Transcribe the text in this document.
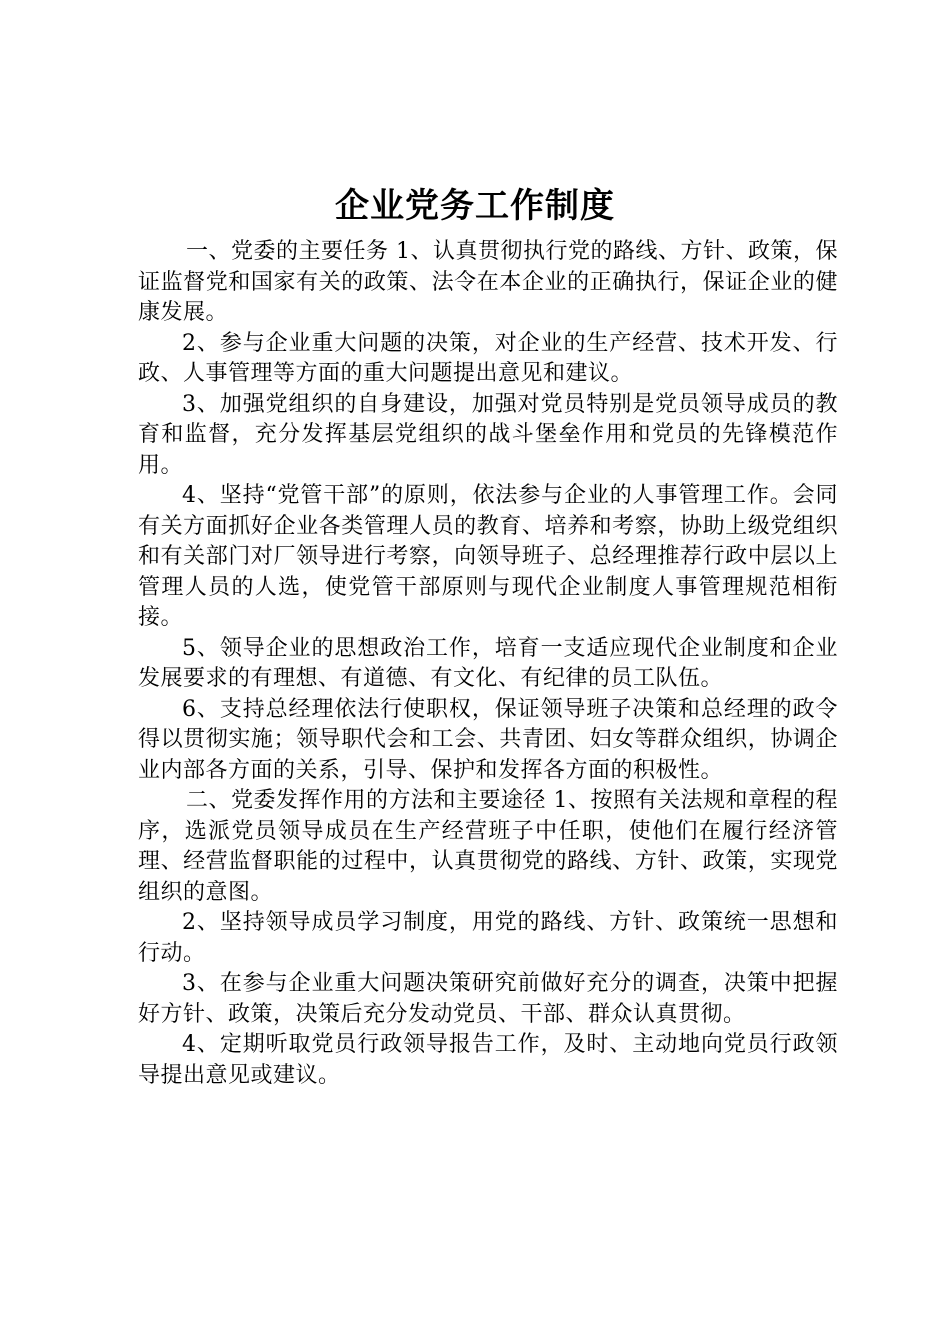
企业党务工作制度

一、党委的主要任务 1、认真贯彻执行党的路线、方针、政策，保证监督党和国家有关的政策、法令在本企业的正确执行，保证企业的健康发展。

2、参与企业重大问题的决策，对企业的生产经营、技术开发、行政、人事管理等方面的重大问题提出意见和建议。

3、加强党组织的自身建设，加强对党员特别是党员领导成员的教育和监督，充分发挥基层党组织的战斗堡垒作用和党员的先锋模范作用。

4、坚持“党管干部”的原则，依法参与企业的人事管理工作。会同有关方面抓好企业各类管理人员的教育、培养和考察，协助上级党组织和有关部门对厂领导进行考察，向领导班子、总经理推荐行政中层以上管理人员的人选，使党管干部原则与现代企业制度人事管理规范相衔接。

5、领导企业的思想政治工作，培育一支适应现代企业制度和企业发展要求的有理想、有道德、有文化、有纪律的员工队伍。

6、支持总经理依法行使职权，保证领导班子决策和总经理的政令得以贯彻实施；领导职代会和工会、共青团、妇女等群众组织，协调企业内部各方面的关系，引导、保护和发挥各方面的积极性。

二、党委发挥作用的方法和主要途径 1、按照有关法规和章程的程序，选派党员领导成员在生产经营班子中任职，使他们在履行经济管理、经营监督职能的过程中，认真贯彻党的路线、方针、政策，实现党组织的意图。

2、坚持领导成员学习制度，用党的路线、方针、政策统一思想和行动。

3、在参与企业重大问题决策研究前做好充分的调查，决策中把握好方针、政策，决策后充分发动党员、干部、群众认真贯彻。

4、定期听取党员行政领导报告工作，及时、主动地向党员行政领导提出意见或建议。
